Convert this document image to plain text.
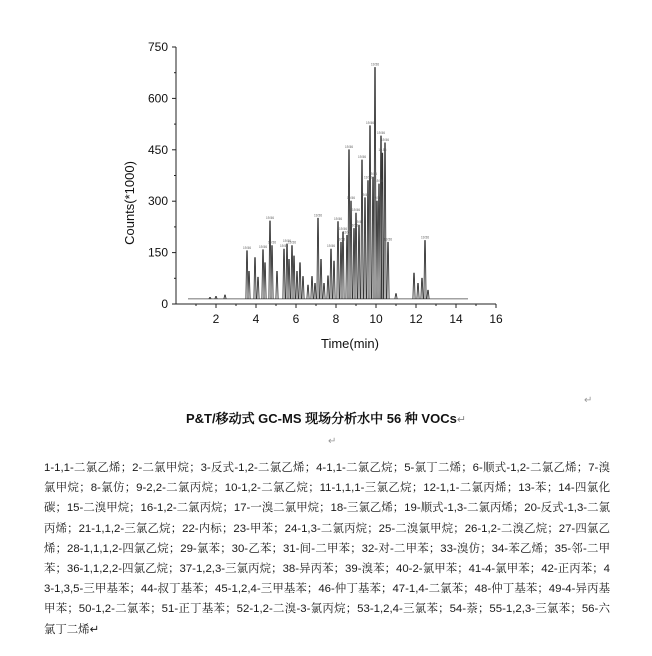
0
150
300
450
600
750
2	4	6	8 10 12 14 16
19.56	19.56
19.56
19.56
19.56
19.56
19.56
19.56
19.56
19.56
19.56
19.56
19.56
19.56
19.56
19.56
19.56
19.56
19.56
19.56
19.56
19.56
19.56
19.56
19.56
19.56
19.56
19.56
19.56
19.56	19.56
Counts(*1000)
Time(min)
↵
P&T/移动式 GC-MS 现场分析水中 56 种 VOCs↵
↵
1-1,1-二氯乙烯；2-二氯甲烷；3-反式-1,2-二氯乙烯；4-1,1-二氯乙烷；5-氯丁二烯；6-顺式-1,2-二氯乙烯；7-溴氯甲烷；8-氯仿；9-2,2-二氯丙烷；10-1,2-二氯乙烷；11-1,1,1-三氯乙烷；12-1,1-二氯丙烯；13-苯；14-四氯化碳；15-二溴甲烷；16-1,2-二氯丙烷；17-一溴二氯甲烷；18-三氯乙烯；19-顺式-1,3-二氯丙烯；20-反式-1,3-二氯丙烯；21-1,1,2-三氯乙烷；22-内标；23-甲苯；24-1,3-二氯丙烷；25-二溴氯甲烷；26-1,2-二溴乙烷；27-四氯乙烯；28-1,1,1,2-四氯乙烷；29-氯苯；30-乙苯；31-间-二甲苯；32-对-二甲苯；33-溴仿；34-苯乙烯；35-邻-二甲苯；36-1,1,2,2-四氯乙烷；37-1,2,3-三氯丙烷；38-异丙苯；39-溴苯；40-2-氯甲苯；41-4-氯甲苯；42-正丙苯；43-1,3,5-三甲基苯；44-叔丁基苯；45-1,2,4-三甲基苯；46-仲丁基苯；47-1,4-二氯苯；48-仲丁基苯；49-4-异丙基甲苯；50-1,2-二氯苯；51-正丁基苯；52-1,2-二溴-3-氯丙烷；53-1,2,4-三氯苯；54-萘；55-1,2,3-三氯苯；56-六氯丁二烯↵
